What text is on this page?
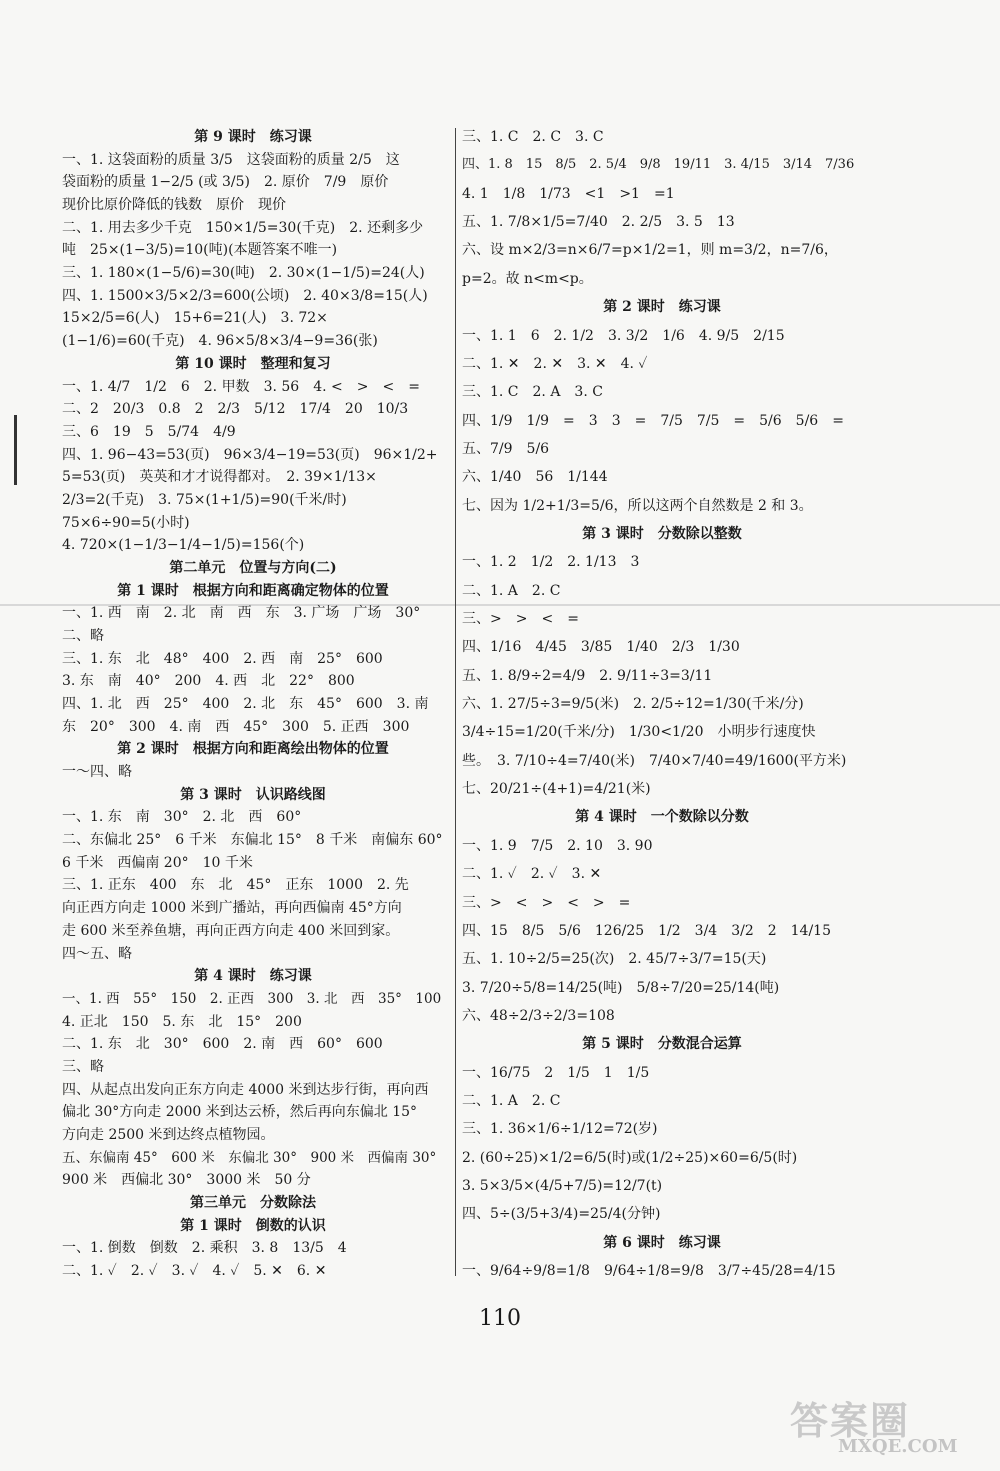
第 9 课时　练习课
一、1. 这袋面粉的质量 3/5　这袋面粉的质量 2/5　这
袋面粉的质量 1−2/5 (或 3/5)　2. 原价　7/9　原价
现价比原价降低的钱数　原价　现价
二、1. 用去多少千克　150×1/5=30(千克)　2. 还剩多少
吨　25×(1−3/5)=10(吨)(本题答案不唯一)
三、1. 180×(1−5/6)=30(吨)　2. 30×(1−1/5)=24(人)
四、1. 1500×3/5×2/3=600(公顷)　2. 40×3/8=15(人)
15×2/5=6(人)　15+6=21(人)　3. 72×
(1−1/6)=60(千克)　4. 96×5/8×3/4−9=36(张)
第 10 课时　整理和复习
一、1. 4/7　1/2　6　2. 甲数　3. 56　4. <　>　<　=
二、2　20/3　0.8　2　2/3　5/12　17/4　20　10/3
三、6　19　5　5/74　4/9
四、1. 96−43=53(页)　96×3/4−19=53(页)　96×1/2+
5=53(页)　英英和才才说得都对。　2. 39×1/13×
2/3=2(千克)　3. 75×(1+1/5)=90(千米/时)
75×6÷90=5(小时)
4. 720×(1−1/3−1/4−1/5)=156(个)
第二单元　位置与方向(二)
第 1 课时　根据方向和距离确定物体的位置
一、1. 西　南　2. 北　南　西　东　3. 广场　广场　30°
二、略
三、1. 东　北　48°　400　2. 西　南　25°　600
3. 东　南　40°　200　4. 西　北　22°　800
四、1. 北　西　25°　400　2. 北　东　45°　600　3. 南
东　20°　300　4. 南　西　45°　300　5. 正西　300
第 2 课时　根据方向和距离绘出物体的位置
一～四、略
第 3 课时　认识路线图
一、1. 东　南　30°　2. 北　西　60°
二、东偏北 25°　6 千米　东偏北 15°　8 千米　南偏东 60°
6 千米　西偏南 20°　10 千米
三、1. 正东　400　东　北　45°　正东　1000　2. 先
向正西方向走 1000 米到广播站，再向西偏南 45°方向
走 600 米至养鱼塘，再向正西方向走 400 米回到家。
四～五、略
第 4 课时　练习课
一、1. 西　55°　150　2. 正西　300　3. 北　西　35°　100
4. 正北　150　5. 东　北　15°　200
二、1. 东　北　30°　600　2. 南　西　60°　600
三、略
四、从起点出发向正东方向走 4000 米到达步行街，再向西
偏北 30°方向走 2000 米到达云桥，然后再向东偏北 15°
方向走 2500 米到达终点植物园。
五、东偏南 45°　600 米　东偏北 30°　900 米　西偏南 30°
900 米　西偏北 30°　3000 米　50 分
第三单元　分数除法
第 1 课时　倒数的认识
一、1. 倒数　倒数　2. 乘积　3. 8　13/5　4
二、1. ✓　2. ✓　3. ✓　4. ✓　5. ✕　6. ✕
三、1. C　2. C　3. C
四、1. 8　15　8/5　2. 5/4　9/8　19/11　3. 4/15　3/14　7/36
4. 1　1/8　1/73　<1　>1　=1
五、1. 7/8×1/5=7/40　2. 2/5　3. 5　13
六、设 m×2/3=n×6/7=p×1/2=1，则 m=3/2，n=7/6，
p=2。故 n<m<p。
第 2 课时　练习课
一、1. 1　6　2. 1/2　3. 3/2　1/6　4. 9/5　2/15
二、1. ✕　2. ✕　3. ✕　4. ✓
三、1. C　2. A　3. C
四、1/9　1/9　=　3　3　=　7/5　7/5　=　5/6　5/6　=
五、7/9　5/6
六、1/40　56　1/144
七、因为 1/2+1/3=5/6，所以这两个自然数是 2 和 3。
第 3 课时　分数除以整数
一、1. 2　1/2　2. 1/13　3
二、1. A　2. C
三、>　>　<　=
四、1/16　4/45　3/85　1/40　2/3　1/30
五、1. 8/9÷2=4/9　2. 9/11÷3=3/11
六、1. 27/5÷3=9/5(米)　2. 2/5÷12=1/30(千米/分)
3/4÷15=1/20(千米/分)　1/30<1/20　小明步行速度快
些。　3. 7/10÷4=7/40(米)　7/40×7/40=49/1600(平方米)
七、20/21÷(4+1)=4/21(米)
第 4 课时　一个数除以分数
一、1. 9　7/5　2. 10　3. 90
二、1. ✓　2. ✓　3. ✕
三、>　<　>　<　>　=
四、15　8/5　5/6　126/25　1/2　3/4　3/2　2　14/15
五、1. 10÷2/5=25(次)　2. 45/7÷3/7=15(天)
3. 7/20÷5/8=14/25(吨)　5/8÷7/20=25/14(吨)
六、48÷2/3÷2/3=108
第 5 课时　分数混合运算
一、16/75　2　1/5　1　1/5
二、1. A　2. C
三、1. 36×1/6÷1/12=72(岁)
2. (60÷25)×1/2=6/5(时)或(1/2÷25)×60=6/5(时)
3. 5×3/5×(4/5+7/5)=12/7(t)
四、5÷(3/5+3/4)=25/4(分钟)
第 6 课时　练习课
一、9/64÷9/8=1/8　9/64÷1/8=9/8　3/7÷45/28=4/15
110
答案圈
MXQE.COM
